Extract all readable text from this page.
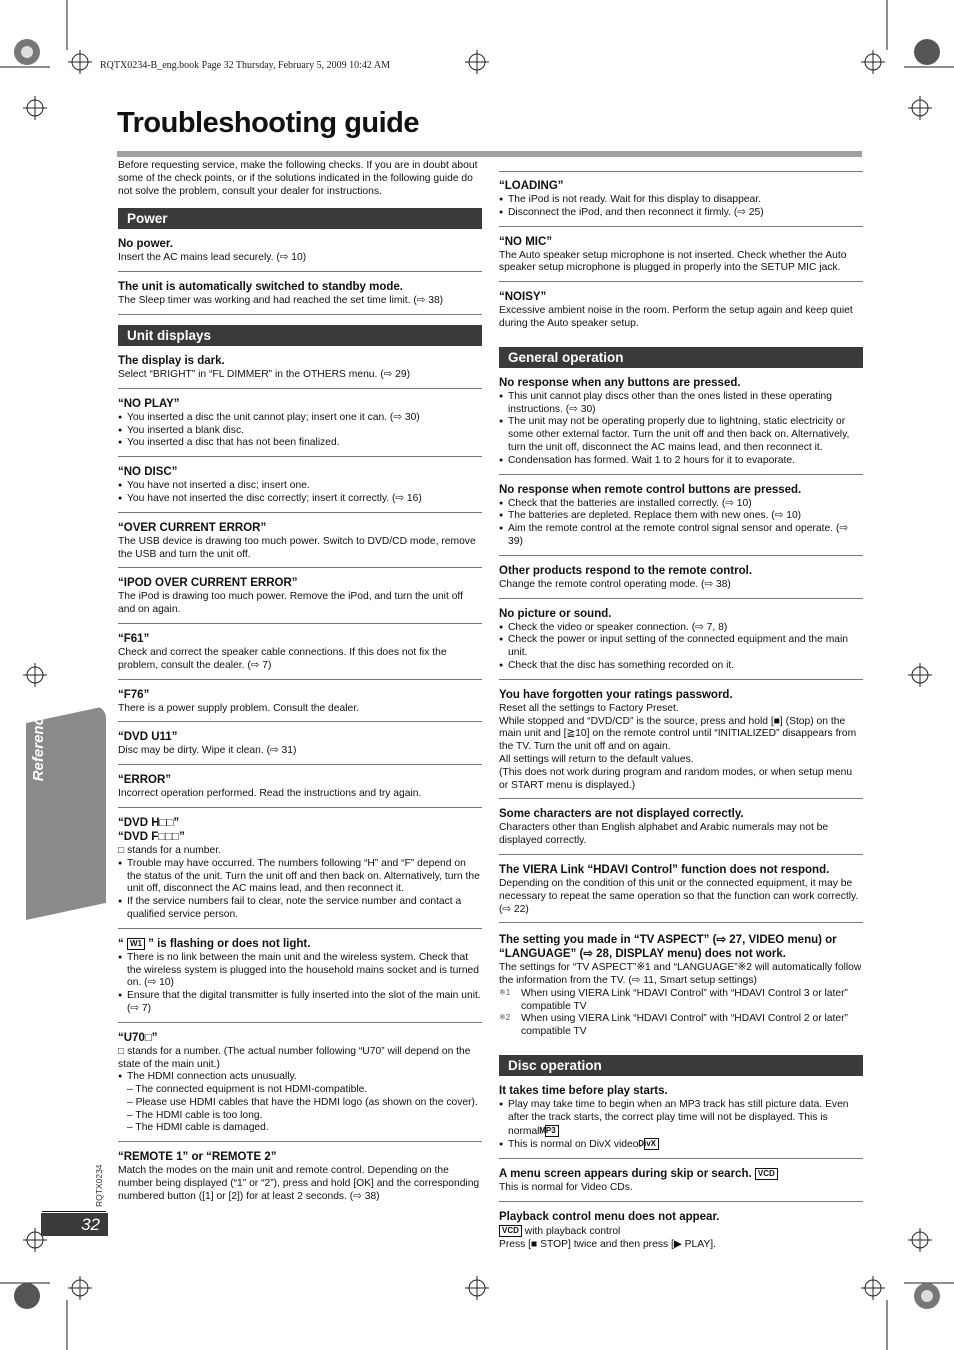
RQTX0234-B_eng.book Page 32 Thursday, February 5, 2009 10:42 AM
Troubleshooting guide
Reference
RQTX0234
32

Before requesting service, make the following checks. If you are in doubt about some of the check points, or if the solutions indicated in the following guide do not solve the problem, consult your dealer for instructions.

Power
No power.

Insert the AC mains lead securely. (⇨ 10)

The unit is automatically switched to standby mode.

The Sleep timer was working and had reached the set time limit. (⇨ 38)

Unit displays
The display is dark.

Select “BRIGHT” in “FL DIMMER” in the OTHERS menu. (⇨ 29)

“NO PLAY”

● You inserted a disc the unit cannot play; insert one it can. (⇨ 30)

● You inserted a blank disc.

● You inserted a disc that has not been finalized.

“NO DISC”

● You have not inserted a disc; insert one.

● You have not inserted the disc correctly; insert it correctly. (⇨ 16)

“OVER CURRENT ERROR”

The USB device is drawing too much power. Switch to DVD/CD mode, remove the USB and turn the unit off.

“IPOD OVER CURRENT ERROR”

The iPod is drawing too much power. Remove the iPod, and turn the unit off and on again.

“F61”

Check and correct the speaker cable connections. If this does not fix the problem, consult the dealer. (⇨ 7)

“F76”

There is a power supply problem. Consult the dealer.

“DVD U11”

Disc may be dirty. Wipe it clean. (⇨ 31)

“ERROR”

Incorrect operation performed. Read the instructions and try again.

“DVD H□□”
“DVD F□□□”

□ stands for a number.

● Trouble may have occurred. The numbers following “H” and “F” depend on the status of the unit. Turn the unit off and then back on. Alternatively, turn the unit off, disconnect the AC mains lead, and then reconnect it.

● If the service numbers fail to clear, note the service number and contact a qualified service person.

“ W1 ” is flashing or does not light.

● There is no link between the main unit and the wireless system. Check that the wireless system is plugged into the household mains socket and is turned on. (⇨ 10)

● Ensure that the digital transmitter is fully inserted into the slot of the main unit. (⇨ 7)

“U70□”

□ stands for a number. (The actual number following “U70” will depend on the state of the main unit.)

● The HDMI connection acts unusually.

– The connected equipment is not HDMI-compatible.

– Please use HDMI cables that have the HDMI logo (as shown on the cover).

– The HDMI cable is too long.

– The HDMI cable is damaged.

“REMOTE 1” or “REMOTE 2”

Match the modes on the main unit and remote control. Depending on the number being displayed (“1” or “2”), press and hold [OK] and the corresponding numbered button ([1] or [2]) for at least 2 seconds. (⇨ 38)

“LOADING”

● The iPod is not ready. Wait for this display to disappear.

● Disconnect the iPod, and then reconnect it firmly. (⇨ 25)

“NO MIC”

The Auto speaker setup microphone is not inserted. Check whether the Auto speaker setup microphone is plugged in properly into the SETUP MIC jack.

“NOISY”

Excessive ambient noise in the room. Perform the setup again and keep quiet during the Auto speaker setup.

General operation
No response when any buttons are pressed.

● This unit cannot play discs other than the ones listed in these operating instructions. (⇨ 30)

● The unit may not be operating properly due to lightning, static electricity or some other external factor. Turn the unit off and then back on. Alternatively, turn the unit off, disconnect the AC mains lead, and then reconnect it.

● Condensation has formed. Wait 1 to 2 hours for it to evaporate.

No response when remote control buttons are pressed.

● Check that the batteries are installed correctly. (⇨ 10)

● The batteries are depleted. Replace them with new ones. (⇨ 10)

● Aim the remote control at the remote control signal sensor and operate. (⇨ 39)

Other products respond to the remote control.

Change the remote control operating mode. (⇨ 38)

No picture or sound.

● Check the video or speaker connection. (⇨ 7, 8)

● Check the power or input setting of the connected equipment and the main unit.

● Check that the disc has something recorded on it.

You have forgotten your ratings password.

Reset all the settings to Factory Preset.

While stopped and “DVD/CD” is the source, press and hold [■] (Stop) on the main unit and [≧10] on the remote control until “INITIALIZED” disappears from the TV. Turn the unit off and on again.

All settings will return to the default values.

(This does not work during program and random modes, or when setup menu or START menu is displayed.)

Some characters are not displayed correctly.

Characters other than English alphabet and Arabic numerals may not be displayed correctly.

The VIERA Link “HDAVI Control” function does not respond.

Depending on the condition of this unit or the connected equipment, it may be necessary to repeat the same operation so that the function can work correctly. (⇨ 22)

The setting you made in “TV ASPECT” (⇨ 27, VIDEO menu) or “LANGUAGE” (⇨ 28, DISPLAY menu) does not work.

The settings for “TV ASPECT”※1 and “LANGUAGE”※2 will automatically follow the information from the TV. (⇨ 11, Smart setup settings)

※1 When using VIERA Link “HDAVI Control” with “HDAVI Control 3 or later” compatible TV

※2 When using VIERA Link “HDAVI Control” with “HDAVI Control 2 or later” compatible TV

Disc operation
It takes time before play starts.

● Play may take time to begin when an MP3 track has still picture data. Even after the track starts, the correct play time will not be displayed. This is normal. MP3

● This is normal on DivX video. DivX

A menu screen appears during skip or search. VCD

This is normal for Video CDs.

Playback control menu does not appear.

VCD with playback control

Press [■ STOP] twice and then press [▶ PLAY].
